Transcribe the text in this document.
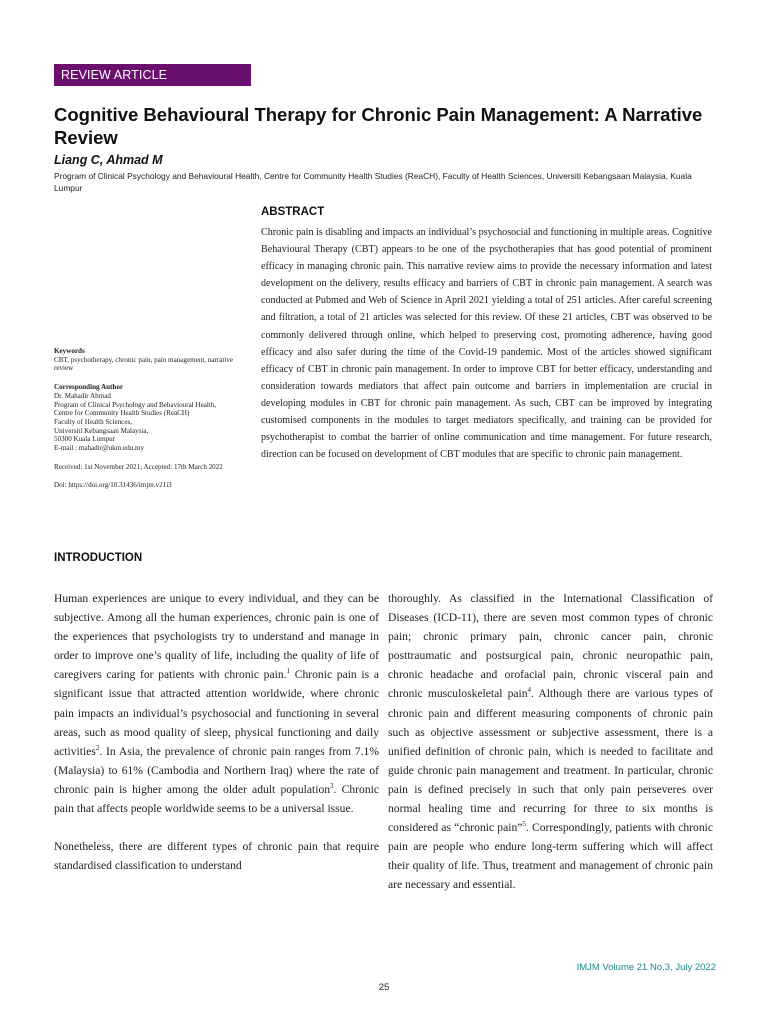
REVIEW ARTICLE
Cognitive Behavioural Therapy for Chronic Pain Management: A Narrative Review
Liang C, Ahmad M
Program of Clinical Psychology and Behavioural Health, Centre for Community Health Studies (ReaCH), Faculty of Health Sciences, Universiti Kebangsaan Malaysia, Kuala Lumpur
ABSTRACT

Chronic pain is disabling and impacts an individual’s psychosocial and functioning in multiple areas. Cognitive Behavioural Therapy (CBT) appears to be one of the psychotherapies that has good potential of prominent efficacy in managing chronic pain. This narrative review aims to provide the necessary information and latest development on the delivery, results efficacy and barriers of CBT in chronic pain management. A search was conducted at Pubmed and Web of Science in April 2021 yielding a total of 251 articles. After careful screening and filtration, a total of 21 articles was selected for this review. Of these 21 articles, CBT was observed to be commonly delivered through online, which helped to preserving cost, promoting adherence, having good efficacy and also safer during the time of the Covid-19 pandemic. Most of the articles showed significant efficacy of CBT in chronic pain management. In order to improve CBT for better efficacy, understanding and consideration towards mediators that affect pain outcome and barriers in implementation are crucial in developing modules in CBT for chronic pain management. As such, CBT can be improved by integrating customised components in the modules to target mediators specifically, and training can be provided for psychotherapist to combat the barrier of online communication and time management. For future research, direction can be focused on development of CBT modules that are specific to chronic pain management.

Keywords
CBT, psychotherapy, chronic pain, pain management, narrative review
Corresponding Author
Dr. Mahadir Ahmad
Program of Clinical Psychology and Behavioural Health,
Centre for Community Health Studies (ReaCH)
Faculty of Health Sciences,
Universiti Kebangsaan Malaysia,
50300 Kuala Lumpur
E-mail : mahadir@ukm.edu.my
Received: 1st November 2021; Accepted: 17th March 2022
Doi: https://doi.org/10.31436/imjm.v21i3
INTRODUCTION

Human experiences are unique to every individual, and they can be subjective. Among all the human experiences, chronic pain is one of the experiences that psychologists try to understand and manage in order to improve one’s quality of life, including the quality of life of caregivers caring for patients with chronic pain.$^1$ Chronic pain is a significant issue that attracted attention worldwide, where chronic pain impacts an individual’s psychosocial and functioning in several areas, such as mood quality of sleep, physical functioning and daily activities$^2$. In Asia, the prevalence of chronic pain ranges from 7.1% (Malaysia) to 61% (Cambodia and Northern Iraq) where the rate of chronic pain is higher among the older adult population$^3$. Chronic pain that affects people worldwide seems to be a universal issue.

Nonetheless, there are different types of chronic pain that require standardised classification to understand

thoroughly. As classified in the International Classification of Diseases (ICD-11), there are seven most common types of chronic pain; chronic primary pain, chronic cancer pain, chronic posttraumatic and postsurgical pain, chronic neuropathic pain, chronic headache and orofacial pain, chronic visceral pain and chronic musculoskeletal pain$^4$. Although there are various types of chronic pain and different measuring components of chronic pain such as objective assessment or subjective assessment, there is a unified definition of chronic pain, which is needed to facilitate and guide chronic pain management and treatment. In particular, chronic pain is defined precisely in such that only pain perseveres over normal healing time and recurring for three to six months is considered as “chronic pain”$^5$. Correspondingly, patients with chronic pain are people who endure long-term suffering which will affect their quality of life. Thus, treatment and management of chronic pain are necessary and essential.

IMJM Volume 21 No.3, July 2022
25
